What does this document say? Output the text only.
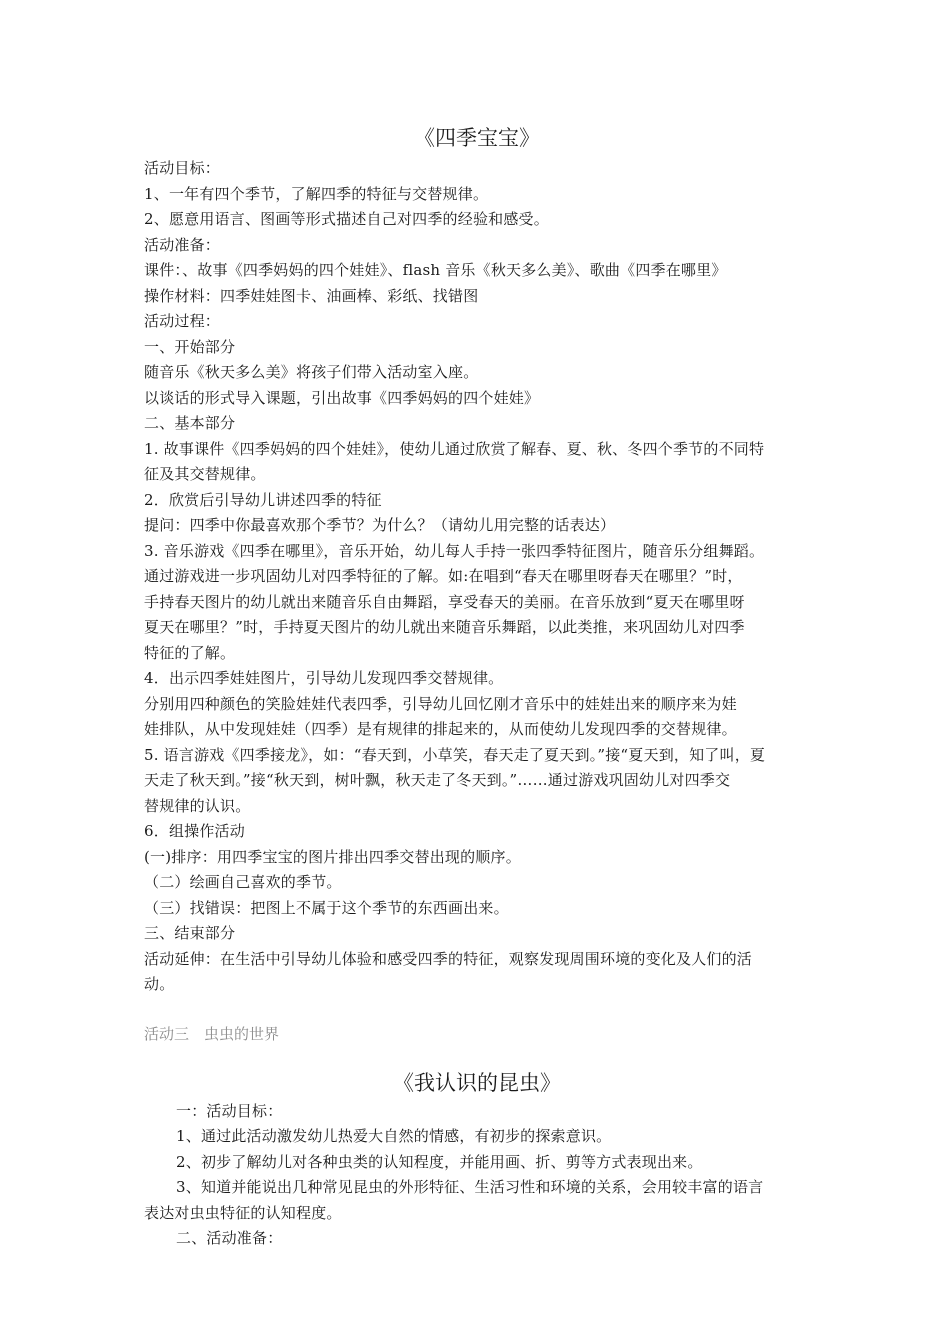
《四季宝宝》
活动目标：
1、一年有四个季节，了解四季的特征与交替规律。
2、愿意用语言、图画等形式描述自己对四季的经验和感受。
活动准备：
课件：、故事《四季妈妈的四个娃娃》、flash 音乐《秋天多么美》、歌曲《四季在哪里》
操作材料：四季娃娃图卡、油画棒、彩纸、找错图
活动过程：
一、开始部分
随音乐《秋天多么美》将孩子们带入活动室入座。
以谈话的形式导入课题，引出故事《四季妈妈的四个娃娃》
二、基本部分
1. 故事课件《四季妈妈的四个娃娃》，使幼儿通过欣赏了解春、夏、秋、冬四个季节的不同特
征及其交替规律。
2．欣赏后引导幼儿讲述四季的特征
提问：四季中你最喜欢那个季节？为什么？（请幼儿用完整的话表达）
3. 音乐游戏《四季在哪里》，音乐开始，幼儿每人手持一张四季特征图片，随音乐分组舞蹈。
通过游戏进一步巩固幼儿对四季特征的了解。如:在唱到“春天在哪里呀春天在哪里？”时，
手持春天图片的幼儿就出来随音乐自由舞蹈，享受春天的美丽。在音乐放到“夏天在哪里呀
夏天在哪里？”时，手持夏天图片的幼儿就出来随音乐舞蹈，以此类推，来巩固幼儿对四季
特征的了解。
4．出示四季娃娃图片，引导幼儿发现四季交替规律。
分别用四种颜色的笑脸娃娃代表四季，引导幼儿回忆刚才音乐中的娃娃出来的顺序来为娃
娃排队，从中发现娃娃（四季）是有规律的排起来的，从而使幼儿发现四季的交替规律。
5. 语言游戏《四季接龙》，如：“春天到，小草笑，春天走了夏天到。”接“夏天到，知了叫，夏
天走了秋天到。”接“秋天到，树叶飘，秋天走了冬天到。”……通过游戏巩固幼儿对四季交
替规律的认识。
6．组操作活动
(一)排序：用四季宝宝的图片排出四季交替出现的顺序。
（二）绘画自己喜欢的季节。
（三）找错误：把图上不属于这个季节的东西画出来。
三、结束部分
活动延伸：在生活中引导幼儿体验和感受四季的特征，观察发现周围环境的变化及人们的活
动。
活动三　虫虫的世界
《我认识的昆虫》
一：活动目标：
1、通过此活动激发幼儿热爱大自然的情感，有初步的探索意识。
2、初步了解幼儿对各种虫类的认知程度，并能用画、折、剪等方式表现出来。
3、知道并能说出几种常见昆虫的外形特征、生活习性和环境的关系，会用较丰富的语言
表达对虫虫特征的认知程度。
二、活动准备：
